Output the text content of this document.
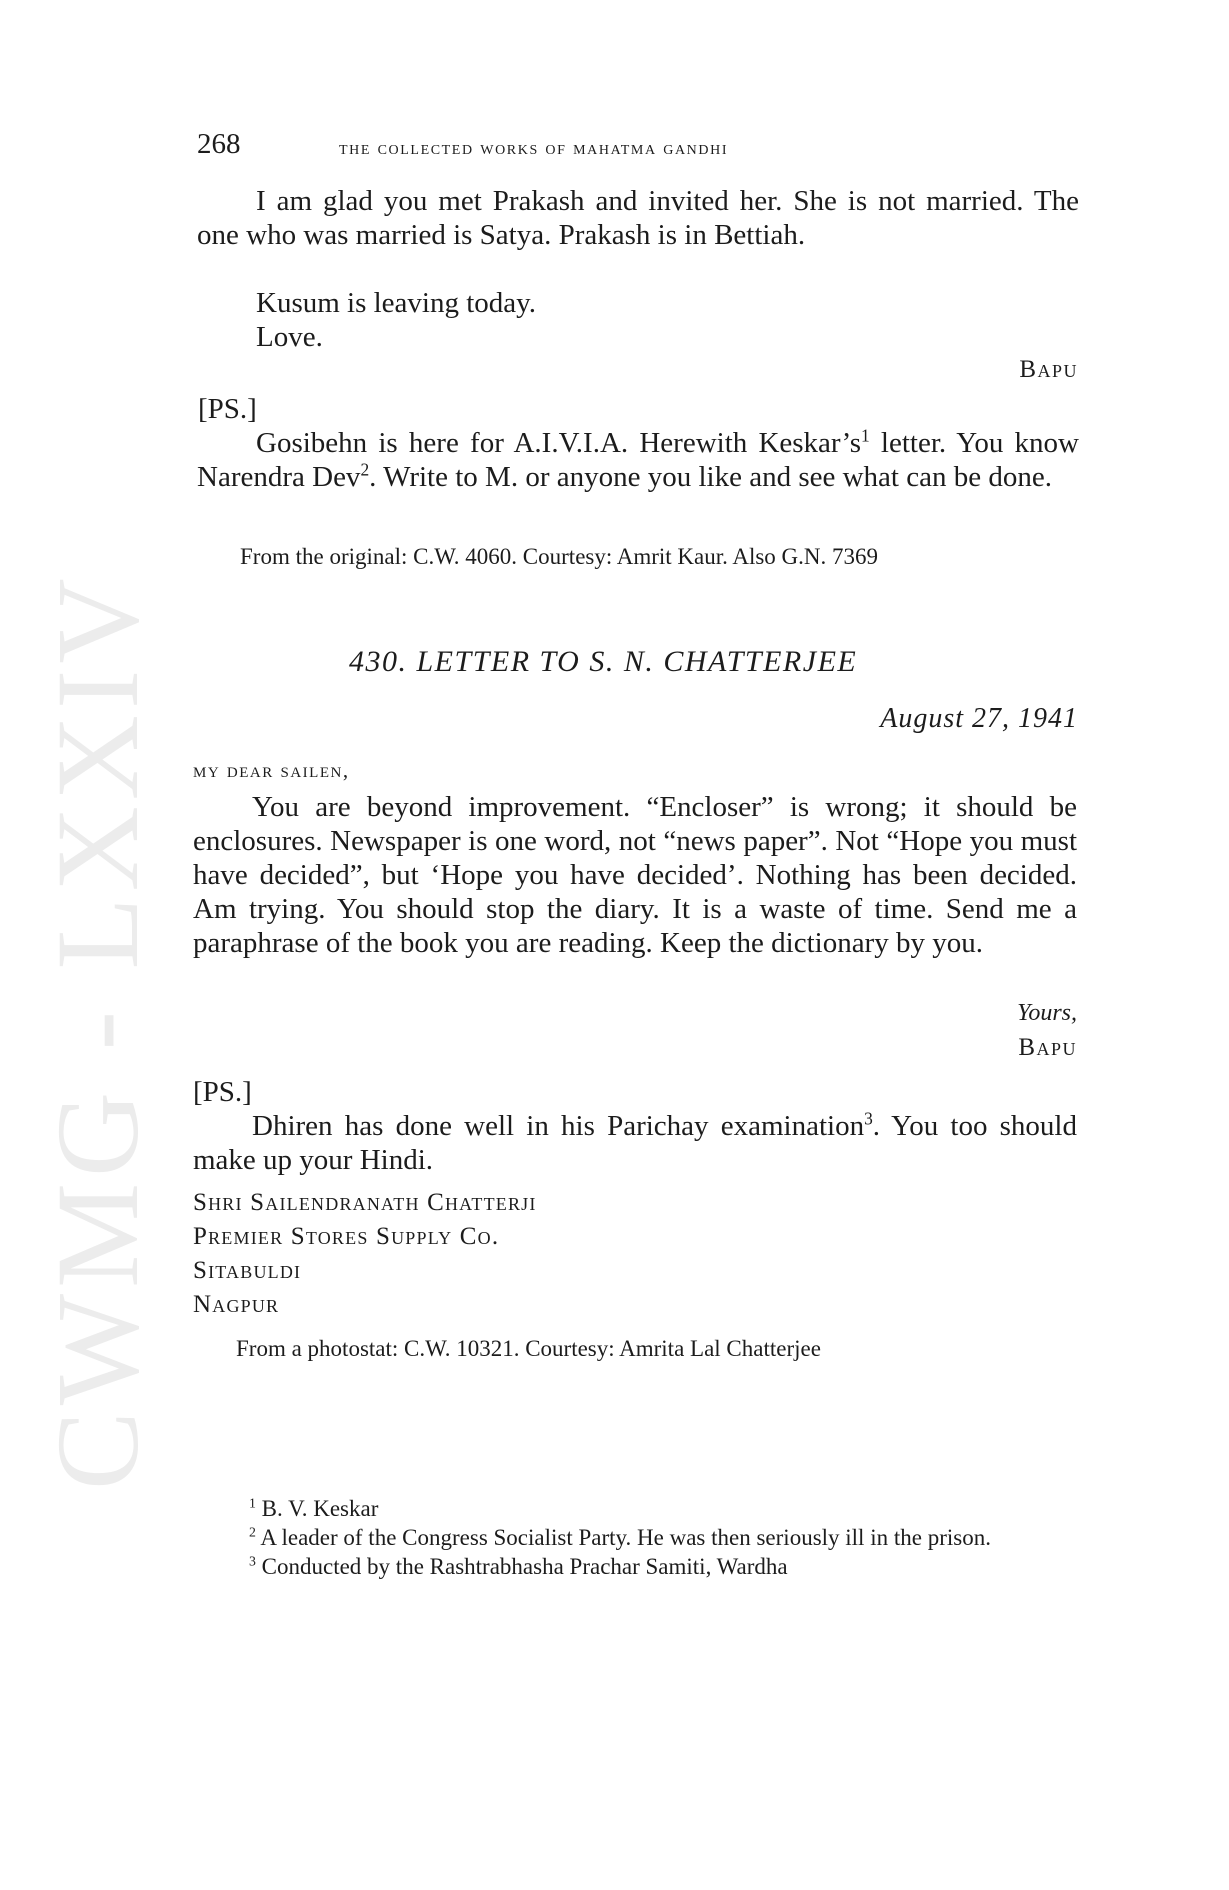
CWMG - LXXIV
268	the collected works of mahatma gandhi
I am glad you met Prakash and invited her. She is not married. The one who was married is Satya. Prakash is in Bettiah.
Kusum is leaving today.
Love.
Bapu
[PS.]
Gosibehn is here for A.I.V.I.A. Herewith $Keskar’s^1$ letter. You know Narendra Dev$^2$. Write to M. or anyone you like and see what can be done.
From the original: C.W. 4060. Courtesy: Amrit Kaur. Also G.N. 7369
430. LETTER TO S. N. CHATTERJEE
August 27, 1941
my dear sailen,
You are beyond improvement. “Encloser” is wrong; it should be enclosures. Newspaper is one word, not “news paper”. Not “Hope you must have decided”, but ‘Hope you have decided’. Nothing has been decided. Am trying. You should stop the diary. It is a waste of time. Send me a paraphrase of the book you are reading. Keep the dictionary by you.
Yours,
Bapu
[PS.]
Dhiren has done well in his Parichay examination$^3$. You too should make up your Hindi.
Shri Sailendranath Chatterji
Premier Stores Supply Co.
Sitabuldi
Nagpur
From a photostat: C.W. 10321. Courtesy: Amrita Lal Chatterjee
$^1$ B. V. Keskar
$^2$ A leader of the Congress Socialist Party. He was then seriously ill in the prison.
$^3$ Conducted by the Rashtrabhasha Prachar Samiti, Wardha
